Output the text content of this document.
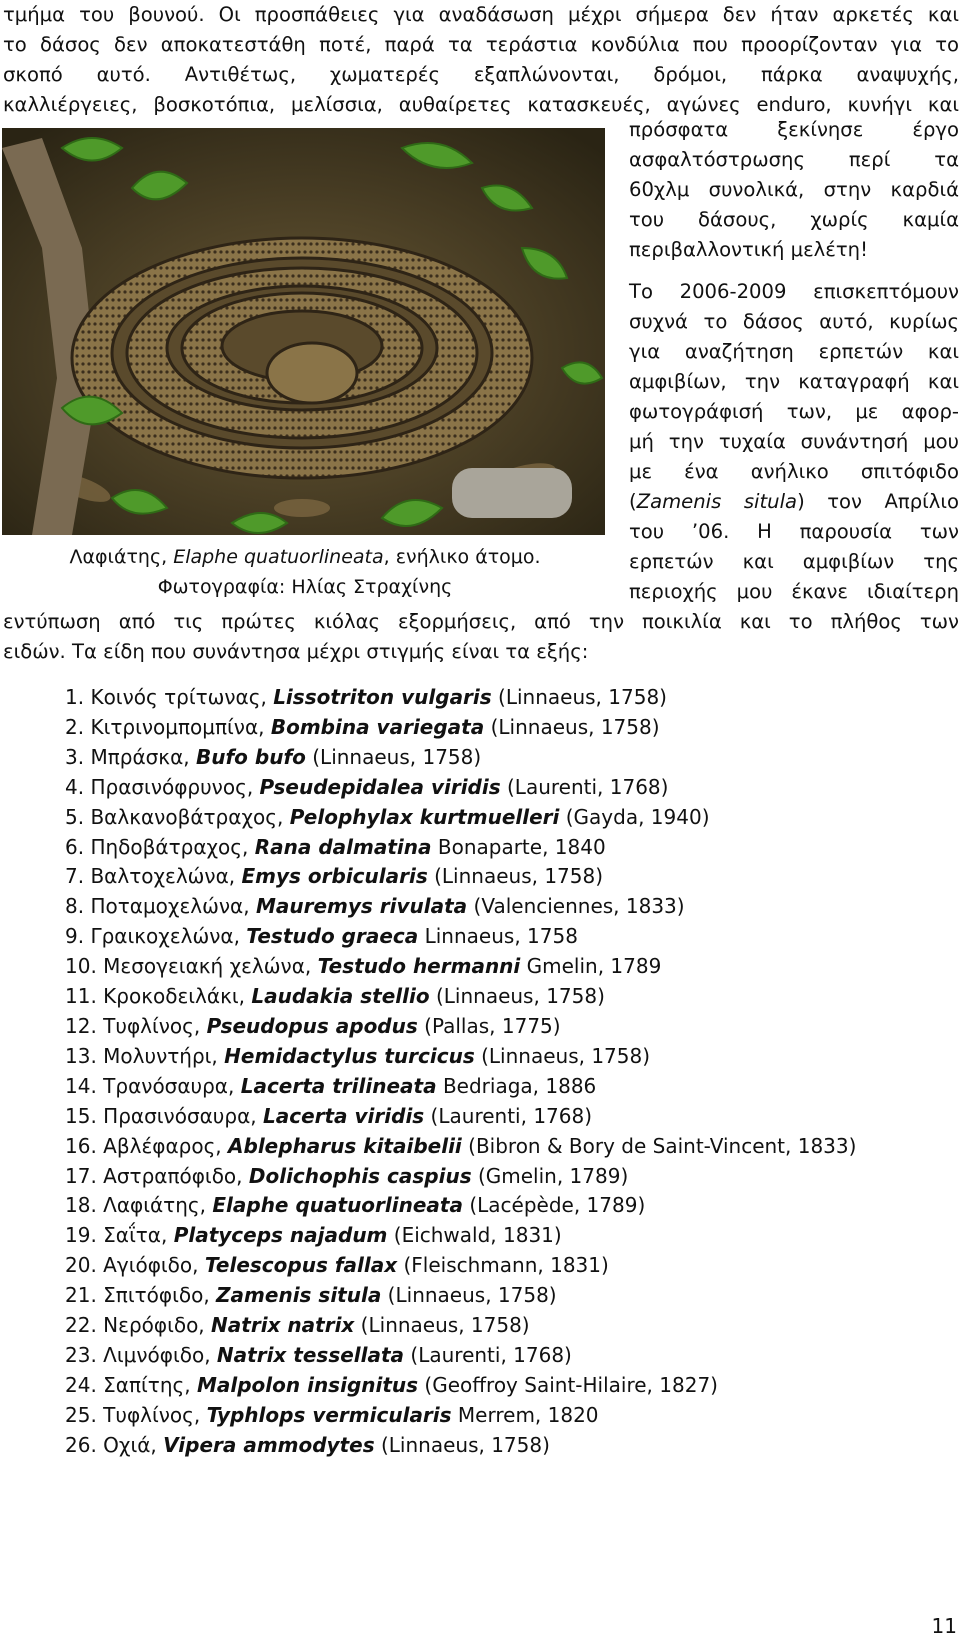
τμήμα του βουνού. Οι προσπάθειες για αναδάσωση μέχρι σήμερα δεν ήταν αρκετές και
το δάσος δεν αποκατεστάθη ποτέ, παρά τα τεράστια κονδύλια που προορίζονταν για το
σκοπό αυτό. Αντιθέτως, χωματερές εξαπλώνονται, δρόμοι, πάρκα αναψυχής,
καλλιέργειες, βοσκοτόπια, μελίσσια, αυθαίρετες κατασκευές, αγώνες enduro, κυνήγι και
Λαφιάτης, Elaphe quatuorlineata, ενήλικο άτομο.
Φωτογραφία: Ηλίας Στραχίνης
πρόσφατα ξεκίνησε έργο
ασφαλτόστρωσης περί τα
60χλμ συνολικά, στην καρδιά
του δάσους, χωρίς καμία
περιβαλλοντική μελέτη!
Το 2006-2009 επισκεπτόμουν
συχνά το δάσος αυτό, κυρίως
για αναζήτηση ερπετών και
αμφιβίων, την καταγραφή και
φωτογράφισή των, με αφορ-
μή την τυχαία συνάντησή μου
με ένα ανήλικο σπιτόφιδο
(Zamenis situla) τον Απρίλιο
του ’06. Η παρουσία των
ερπετών και αμφιβίων της
περιοχής μου έκανε ιδιαίτερη
εντύπωση από τις πρώτες κιόλας εξορμήσεις, από την ποικιλία και το πλήθος των
ειδών. Τα είδη που συνάντησα μέχρι στιγμής είναι τα εξής:
1. Κοινός τρίτωνας, Lissotriton vulgaris (Linnaeus, 1758)
2. Κιτρινομπομπίνα, Bombina variegata (Linnaeus, 1758)
3. Μπράσκα, Bufo bufo (Linnaeus, 1758)
4. Πρασινόφρυνος, Pseudepidalea viridis (Laurenti, 1768)
5. Βαλκανοβάτραχος, Pelophylax kurtmuelleri (Gayda, 1940)
6. Πηδοβάτραχος, Rana dalmatina Bonaparte, 1840
7. Βαλτοχελώνα, Emys orbicularis (Linnaeus, 1758)
8. Ποταμοχελώνα, Mauremys rivulata (Valenciennes, 1833)
9. Γραικοχελώνα, Testudo graeca Linnaeus, 1758
10. Μεσογειακή χελώνα, Testudo hermanni Gmelin, 1789
11. Κροκοδειλάκι, Laudakia stellio (Linnaeus, 1758)
12. Τυφλίνος, Pseudopus apodus (Pallas, 1775)
13. Μολυντήρι, Hemidactylus turcicus (Linnaeus, 1758)
14. Τρανόσαυρα, Lacerta trilineata Bedriaga, 1886
15. Πρασινόσαυρα, Lacerta viridis (Laurenti, 1768)
16. Αβλέφαρος, Ablepharus kitaibelii (Bibron & Bory de Saint-Vincent, 1833)
17. Αστραπόφιδο, Dolichophis caspius (Gmelin, 1789)
18. Λαφιάτης, Elaphe quatuorlineata (Lacépède, 1789)
19. Σαΐτα, Platyceps najadum (Eichwald, 1831)
20. Αγιόφιδο, Telescopus fallax (Fleischmann, 1831)
21. Σπιτόφιδο, Zamenis situla (Linnaeus, 1758)
22. Νερόφιδο, Natrix natrix (Linnaeus, 1758)
23. Λιμνόφιδο, Natrix tessellata (Laurenti, 1768)
24. Σαπίτης, Malpolon insignitus (Geoffroy Saint-Hilaire, 1827)
25. Τυφλίνος, Typhlops vermicularis Merrem, 1820
26. Οχιά, Vipera ammodytes (Linnaeus, 1758)
11
